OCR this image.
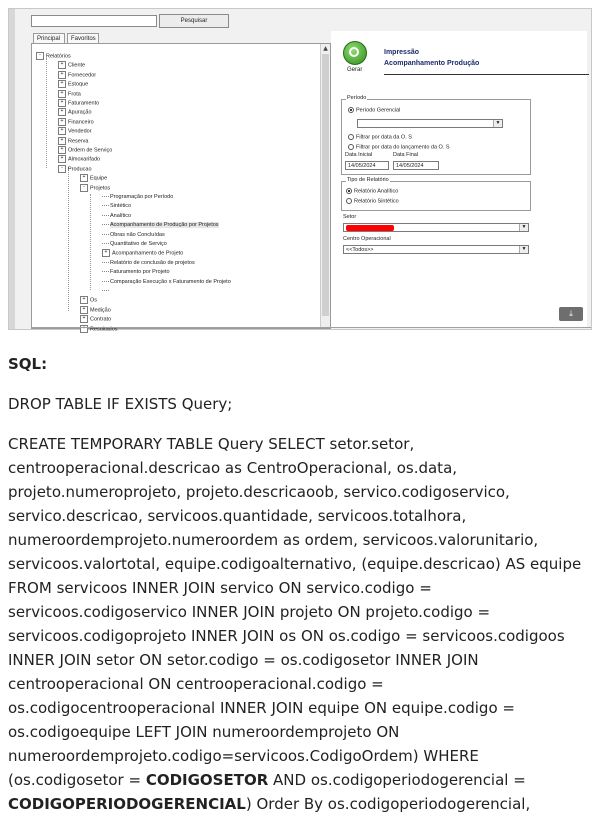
Pesquisar
Principal	Favoritos
▲
- Relatórios
+ Cliente
+ Fornecedor
+ Estoque
+ Frota
+ Faturamento
+ Apuração
+ Financeiro
+ Vendedor
+ Reserva
+ Ordem de Serviço
+ Almoxarifado
- Producao
+ Equipe
- Projetos
Programação por Período
Sintético
Analítico
Acompanhamento de Produção por Projetos
Obras não Concluídas
Quantitativo de Serviço
+ Acompanhamento de Projeto
Relatório de conclusão de projetos
Faturamento por Projeto
Comparação Execução x Faturamento de Projeto
+ Os
+ Medição
+ Contrato
+ Resultados
Gerar
Impressão
Acompanhamento Produção
Período
Período Gerencial
▼
Filtrar por data da O. S
Filtrar por data do lançamento da O. S
Data Inicial	Data Final
14/05/2024	14/05/2024
Tipo de Relatório
Relatório Analítico
Relatório Sintético
Setor
▼
Centro Operacional
<<Todos>>	▼
⤓

SQL:

DROP TABLE IF EXISTS Query;

CREATE TEMPORARY TABLE Query SELECT setor.setor, centrooperacional.descricao as CentroOperacional, os.data, projeto.numeroprojeto, projeto.descricaoob, servico.codigoservico, servico.descricao, servicoos.quantidade, servicoos.totalhora, numeroordemprojeto.numeroordem as ordem, servicoos.valorunitario, servicoos.valortotal, equipe.codigoalternativo, (equipe.descricao) AS equipe FROM servicoos INNER JOIN servico ON servico.codigo = servicoos.codigoservico INNER JOIN projeto ON projeto.codigo = servicoos.codigoprojeto INNER JOIN os ON os.codigo = servicoos.codigoos INNER JOIN setor ON setor.codigo = os.codigosetor INNER JOIN centrooperacional ON centrooperacional.codigo = os.codigocentrooperacional INNER JOIN equipe ON equipe.codigo = os.codigoequipe LEFT JOIN numeroordemprojeto ON numeroordemprojeto.codigo=servicoos.CodigoOrdem) WHERE (os.codigosetor = CODIGOSETOR AND os.codigoperiodogerencial = CODIGOPERIODOGERENCIAL) Order By os.codigoperiodogerencial,
